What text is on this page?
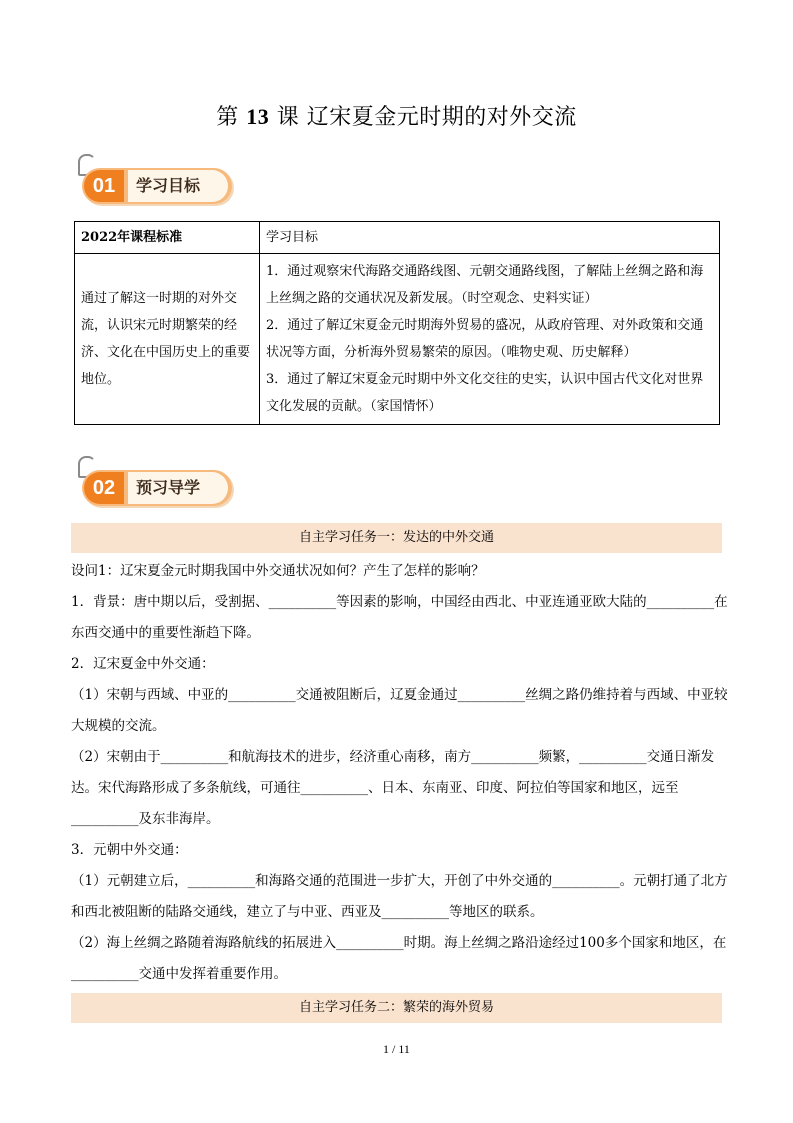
第 13 课 辽宋夏金元时期的对外交流
01	学习目标
2022年课程标准	学习目标
通过了解这一时期的对外交流，认识宋元时期繁荣的经济、文化在中国历史上的重要地位。	1．通过观察宋代海路交通路线图、元朝交通路线图，了解陆上丝绸之路和海上丝绸之路的交通状况及新发展。（时空观念、史料实证）
2．通过了解辽宋夏金元时期海外贸易的盛况，从政府管理、对外政策和交通状况等方面，分析海外贸易繁荣的原因。（唯物史观、历史解释）
3．通过了解辽宋夏金元时期中外文化交往的史实，认识中国古代文化对世界文化发展的贡献。（家国情怀）
02	预习导学
自主学习任务一：发达的中外交通

设问1：辽宋夏金元时期我国中外交通状况如何？产生了怎样的影响？

1．背景：唐中期以后，受割据、__________等因素的影响，中国经由西北、中亚连通亚欧大陆的__________在东西交通中的重要性渐趋下降。

2．辽宋夏金中外交通：

（1）宋朝与西域、中亚的__________交通被阻断后，辽夏金通过__________丝绸之路仍维持着与西域、中亚较大规模的交流。

（2）宋朝由于__________和航海技术的进步，经济重心南移，南方__________频繁，__________交通日渐发达。宋代海路形成了多条航线，可通往__________、日本、东南亚、印度、阿拉伯等国家和地区，远至__________及东非海岸。

3．元朝中外交通：

（1）元朝建立后，__________和海路交通的范围进一步扩大，开创了中外交通的__________。元朝打通了北方和西北被阻断的陆路交通线，建立了与中亚、西亚及__________等地区的联系。

（2）海上丝绸之路随着海路航线的拓展进入__________时期。海上丝绸之路沿途经过100多个国家和地区，在__________交通中发挥着重要作用。

自主学习任务二：繁荣的海外贸易
1 / 11
